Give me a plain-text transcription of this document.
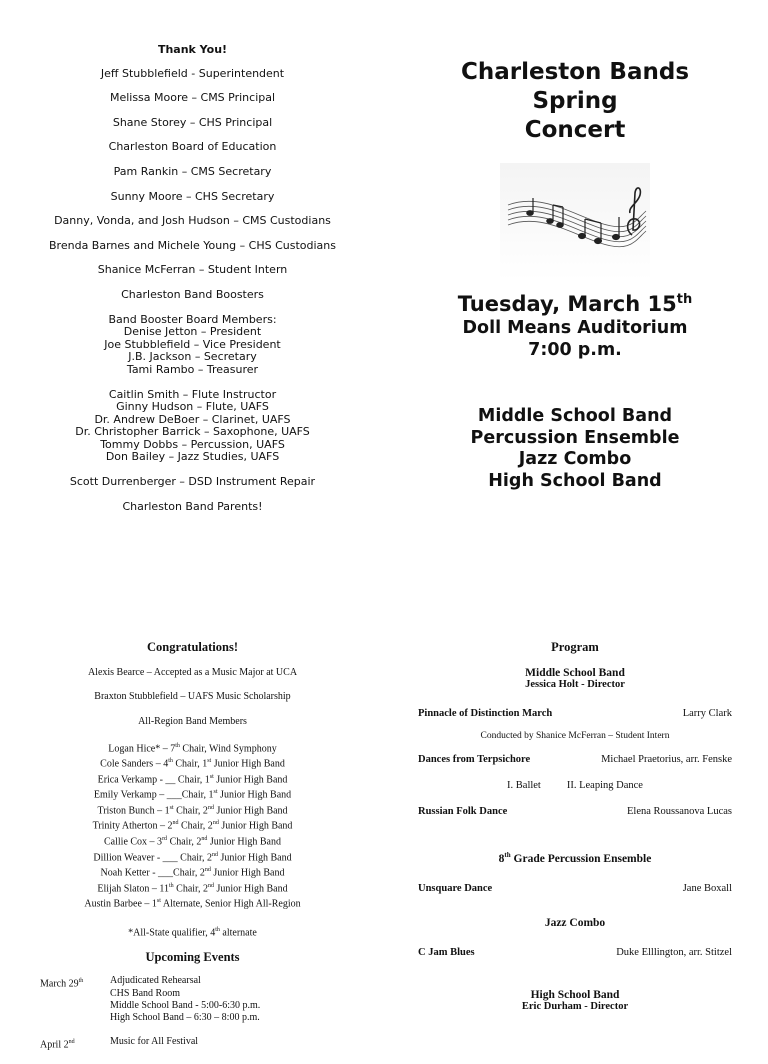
Thank You!
Jeff Stubblefield - Superintendent
Melissa Moore – CMS Principal
Shane Storey – CHS Principal
Charleston Board of Education
Pam Rankin – CMS Secretary
Sunny Moore – CHS Secretary
Danny, Vonda, and Josh Hudson – CMS Custodians
Brenda Barnes and Michele Young – CHS Custodians
Shanice McFerran – Student Intern
Charleston Band Boosters
Band Booster Board Members:
Denise Jetton – President
Joe Stubblefield – Vice President
J.B. Jackson – Secretary
Tami Rambo – Treasurer
Caitlin Smith – Flute Instructor
Ginny Hudson – Flute, UAFS
Dr. Andrew DeBoer – Clarinet, UAFS
Dr. Christopher Barrick – Saxophone, UAFS
Tommy Dobbs – Percussion, UAFS
Don Bailey – Jazz Studies, UAFS
Scott Durrenberger – DSD Instrument Repair
Charleston Band Parents!
Charleston Bands
Spring
Concert
Tuesday, March 15th
Doll Means Auditorium
7:00 p.m.
Middle School Band
Percussion Ensemble
Jazz Combo
High School Band
Congratulations!
Alexis Bearce – Accepted as a Music Major at UCA
Braxton Stubblefield – UAFS Music Scholarship
All-Region Band Members
Logan Hice* – 7th Chair, Wind Symphony
Cole Sanders – 4th Chair, 1st Junior High Band
Erica Verkamp - __ Chair, 1st Junior High Band
Emily Verkamp – ___Chair, 1st Junior High Band
Triston Bunch – 1st Chair, 2nd Junior High Band
Trinity Atherton – 2nd Chair, 2nd Junior High Band
Callie Cox – 3rd Chair, 2nd Junior High Band
Dillion Weaver - ___ Chair, 2nd Junior High Band
Noah Ketter - ___Chair, 2nd Junior High Band
Elijah Slaton – 11th Chair, 2nd Junior High Band
Austin Barbee – 1st Alternate, Senior High All-Region
*All-State qualifier, 4th alternate
Upcoming Events
March 29th	Adjudicated Rehearsal
CHS Band Room
Middle School Band - 5:00-6:30 p.m.
High School Band – 6:30 – 8:00 p.m.
April 2nd	Music for All Festival
Program
Middle School Band
Jessica Holt - Director
Pinnacle of Distinction March	Larry Clark
Conducted by Shanice McFerran – Student Intern
Dances from Terpsichore	Michael Praetorius, arr. Fenske
I. Ballet II. Leaping Dance
Russian Folk Dance	Elena Roussanova Lucas
8th Grade Percussion Ensemble
Unsquare Dance	Jane Boxall
Jazz Combo
C Jam Blues	Duke Elllington, arr. Stitzel
High School Band
Eric Durham - Director
